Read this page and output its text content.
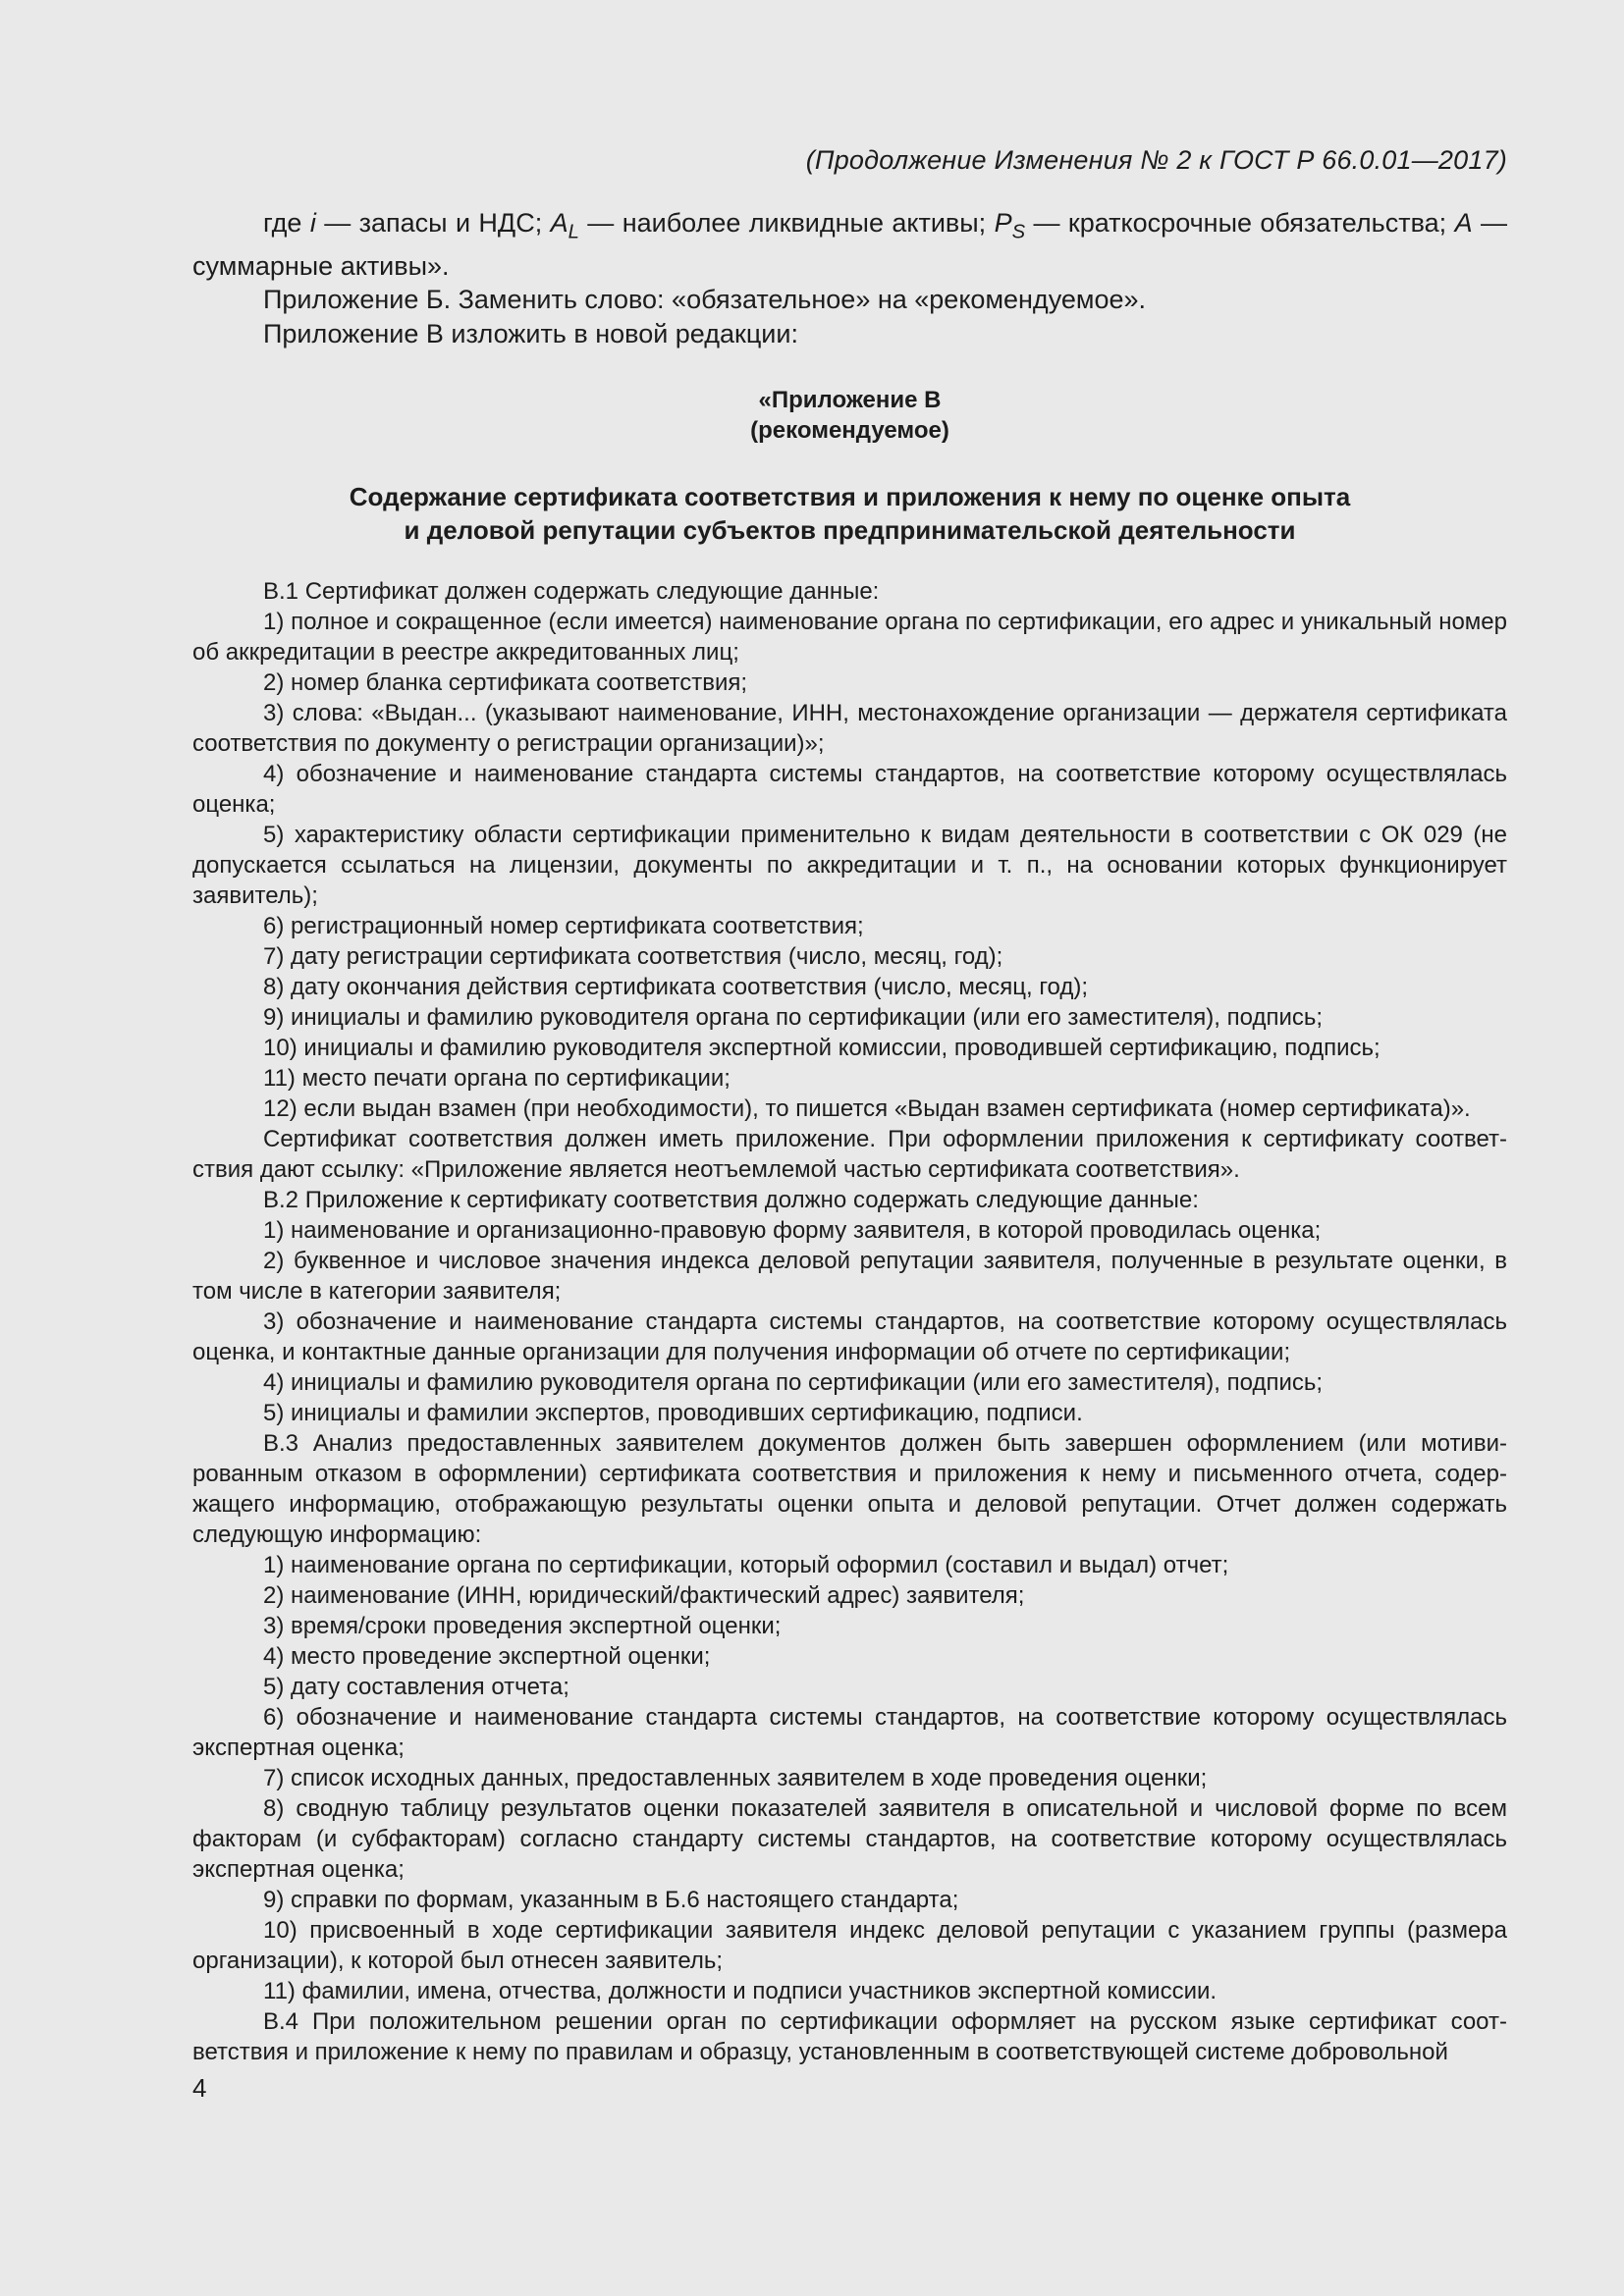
(Продолжение Изменения № 2 к ГОСТ Р 66.0.01—2017)

где i — запасы и НДС; $A_L$ — наиболее ликвидные активы; $P_S$ — краткосрочные обязательства; A — суммарные активы».

Приложение Б. Заменить слово: «обязательное» на «рекомендуемое».

Приложение В изложить в новой редакции:

«Приложение В

(рекомендуемое)

Содержание сертификата соответствия и приложения к нему по оценке опыта

и деловой репутации субъектов предпринимательской деятельности

В.1 Сертификат должен содержать следующие данные:

1) полное и сокращенное (если имеется) наименование органа по сертификации, его адрес и уникальный номер об аккредитации в реестре аккредитованных лиц;

2) номер бланка сертификата соответствия;

3) слова: «Выдан... (указывают наименование, ИНН, местонахождение организации — держателя сертификата соответствия по документу о регистрации организации)»;

4) обозначение и наименование стандарта системы стандартов, на соответствие которому осуществлялась оценка;

5) характеристику области сертификации применительно к видам деятельности в соответствии с ОК 029 (не допускается ссылаться на лицензии, документы по аккредитации и т. п., на основании которых функционирует заявитель);

6) регистрационный номер сертификата соответствия;

7) дату регистрации сертификата соответствия (число, месяц, год);

8) дату окончания действия сертификата соответствия (число, месяц, год);

9) инициалы и фамилию руководителя органа по сертификации (или его заместителя), подпись;

10) инициалы и фамилию руководителя экспертной комиссии, проводившей сертификацию, подпись;

11) место печати органа по сертификации;

12) если выдан взамен (при необходимости), то пишется «Выдан взамен сертификата (номер сертификата)».

Сертификат соответствия должен иметь приложение. При оформлении приложения к сертификату соответствия дают ссылку: «Приложение является неотъемлемой частью сертификата соответствия».

В.2 Приложение к сертификату соответствия должно содержать следующие данные:

1) наименование и организационно-правовую форму заявителя, в которой проводилась оценка;

2) буквенное и числовое значения индекса деловой репутации заявителя, полученные в результате оценки, в том числе в категории заявителя;

3) обозначение и наименование стандарта системы стандартов, на соответствие которому осуществлялась оценка, и контактные данные организации для получения информации об отчете по сертификации;

4) инициалы и фамилию руководителя органа по сертификации (или его заместителя), подпись;

5) инициалы и фамилии экспертов, проводивших сертификацию, подписи.

В.3 Анализ предоставленных заявителем документов должен быть завершен оформлением (или мотивированным отказом в оформлении) сертификата соответствия и приложения к нему и письменного отчета, содержащего информацию, отображающую результаты оценки опыта и деловой репутации. Отчет должен содержать следующую информацию:

1) наименование органа по сертификации, который оформил (составил и выдал) отчет;

2) наименование (ИНН, юридический/фактический адрес) заявителя;

3) время/сроки проведения экспертной оценки;

4) место проведение экспертной оценки;

5) дату составления отчета;

6) обозначение и наименование стандарта системы стандартов, на соответствие которому осуществлялась экспертная оценка;

7) список исходных данных, предоставленных заявителем в ходе проведения оценки;

8) сводную таблицу результатов оценки показателей заявителя в описательной и числовой форме по всем факторам (и субфакторам) согласно стандарту системы стандартов, на соответствие которому осуществлялась экспертная оценка;

9) справки по формам, указанным в Б.6 настоящего стандарта;

10) присвоенный в ходе сертификации заявителя индекс деловой репутации с указанием группы (размера организации), к которой был отнесен заявитель;

11) фамилии, имена, отчества, должности и подписи участников экспертной комиссии.

В.4 При положительном решении орган по сертификации оформляет на русском языке сертификат соответствия и приложение к нему по правилам и образцу, установленным в соответствующей системе добровольной

4
